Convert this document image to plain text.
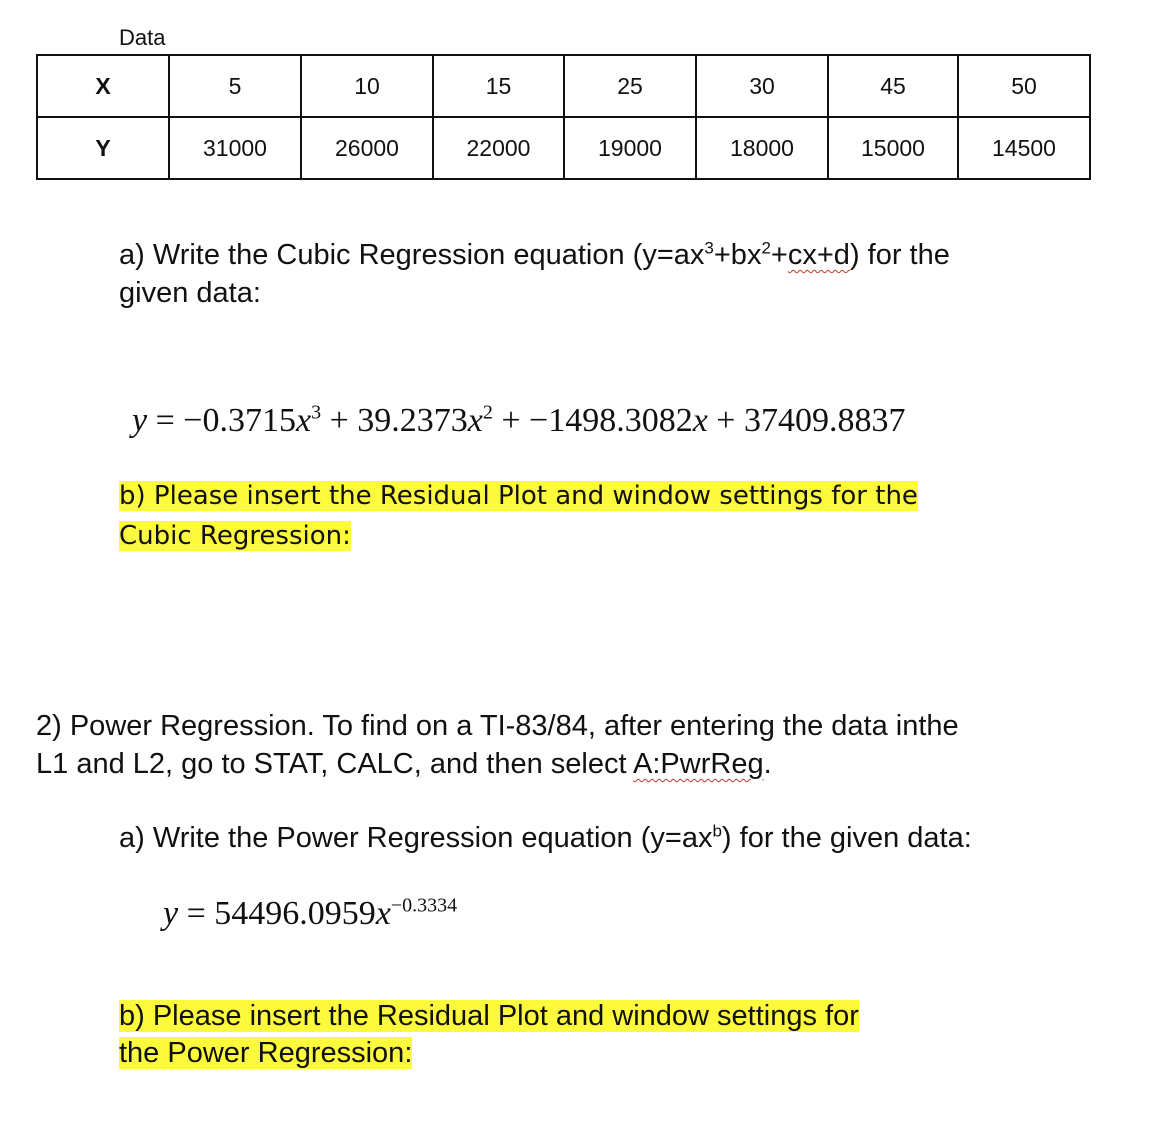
Data
X	5	10	15	25	30	45	50
Y	31000	26000	22000	19000	18000	15000	14500
a) Write the Cubic Regression equation $(y=ax^3+bx^2+cx+d)$ for the
given data:
$y = -0.3715x^3 + 39.2373x^2 + -1498.3082x + 37409.8837$
b) Please insert the Residual Plot and window settings for the
Cubic Regression:
2) Power Regression. To find on a TI-83/84, after entering the data inthe
L1 and L2, go to STAT, CALC, and then select A:PwrReg.
a) Write the Power Regression equation $(y=ax^b)$ for the given data:
$y = 54496.0959x^{-0.3334}$
b) Please insert the Residual Plot and window settings for
the Power Regression:
